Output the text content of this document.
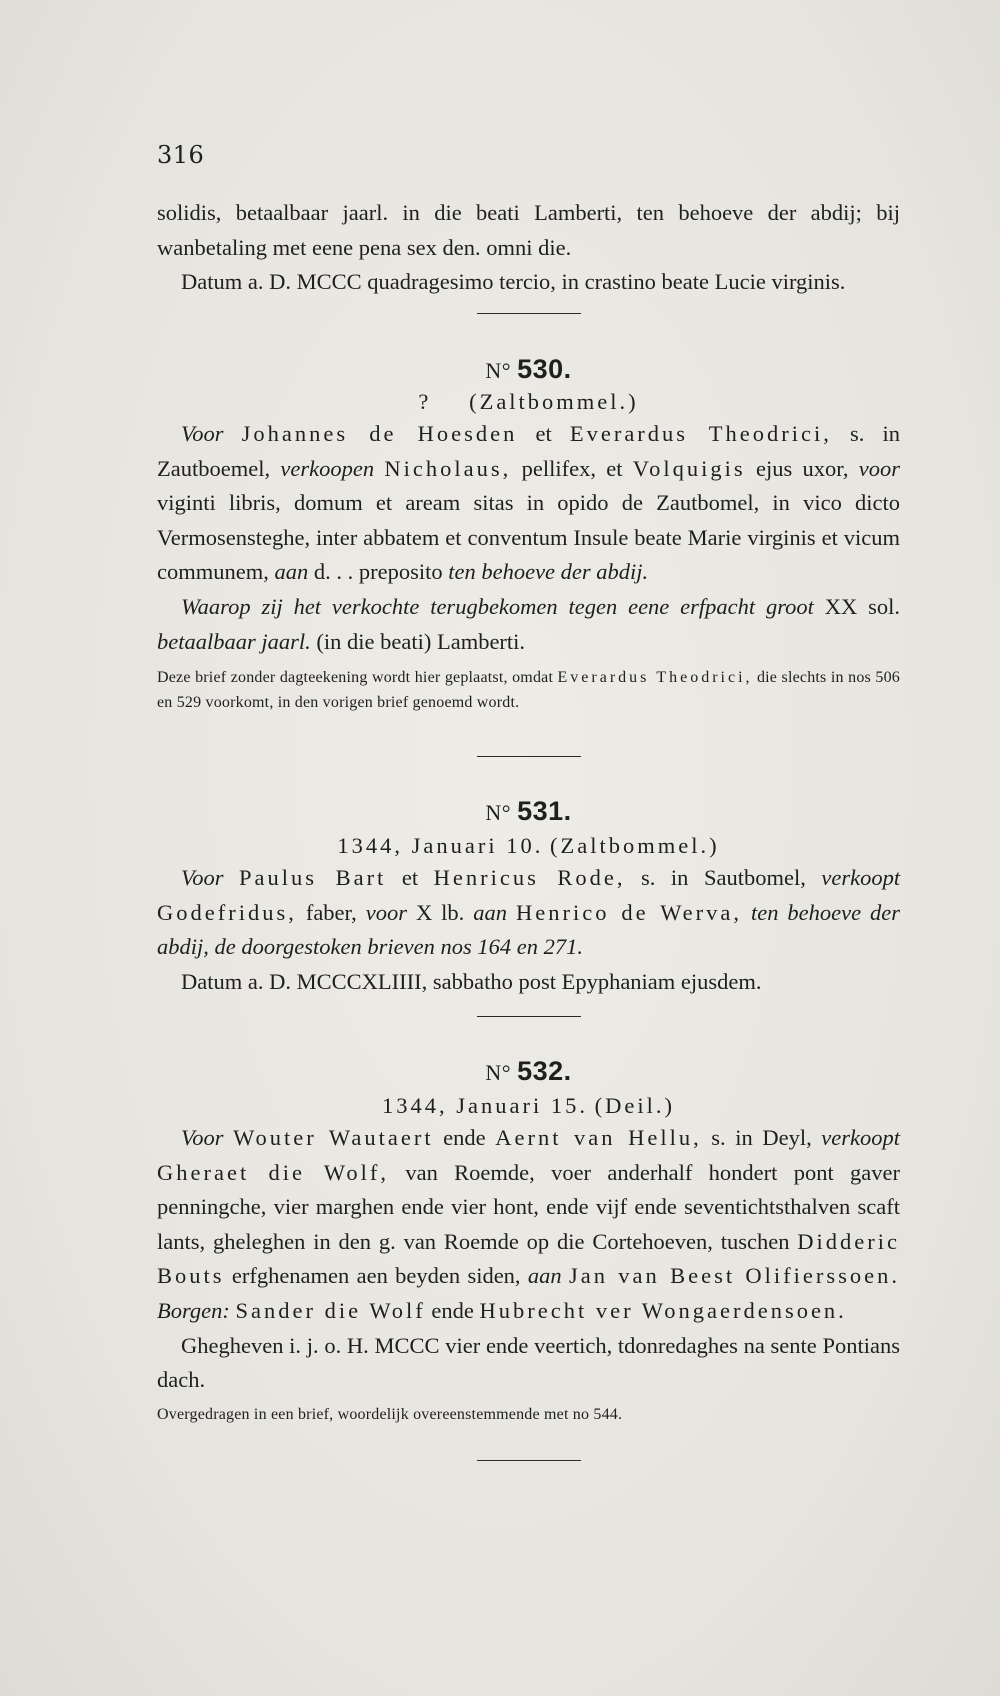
316

solidis, betaalbaar jaarl. in die beati Lamberti, ten behoeve der abdij; bij wanbetaling met eene pena sex den. omni die.

Datum a. D. MCCC quadragesimo tercio, in crastino beate Lucie virginis.

N° 530.
? (Zaltbommel.)

Voor Johannes de Hoesden et Everardus Theodrici, s. in Zautboemel, verkoopen Nicholaus, pellifex, et Volquigis ejus uxor, voor viginti libris, domum et aream sitas in opido de Zautbomel, in vico dicto Vermosensteghe, inter abbatem et conventum Insule beate Marie virginis et vicum communem, aan d. . . preposito ten behoeve der abdij.

Waarop zij het verkochte terugbekomen tegen eene erfpacht groot XX sol. betaalbaar jaarl. (in die beati) Lamberti.

Deze brief zonder dagteekening wordt hier geplaatst, omdat Everardus Theodrici, die slechts in nos 506 en 529 voorkomt, in den vorigen brief genoemd wordt.

N° 531.
1344, Januari 10. (Zaltbommel.)

Voor Paulus Bart et Henricus Rode, s. in Sautbomel, verkoopt Godefridus, faber, voor X lb. aan Henrico de Werva, ten behoeve der abdij, de doorgestoken brieven nos 164 en 271.

Datum a. D. MCCCXLIIII, sabbatho post Epyphaniam ejusdem.

N° 532.
1344, Januari 15. (Deil.)

Voor Wouter Wautaert ende Aernt van Hellu, s. in Deyl, verkoopt Gheraet die Wolf, van Roemde, voer anderhalf hondert pont gaver penningche, vier marghen ende vier hont, ende vijf ende seventichtsthalven scaft lants, gheleghen in den g. van Roemde op die Cortehoeven, tuschen Didderic Bouts erfghenamen aen beyden siden, aan Jan van Beest Olifierssoen. Borgen: Sander die Wolf ende Hubrecht ver Wongaerdensoen.

Ghegheven i. j. o. H. MCCC vier ende veertich, tdonredaghes na sente Pontians dach.

Overgedragen in een brief, woordelijk overeenstemmende met no 544.
